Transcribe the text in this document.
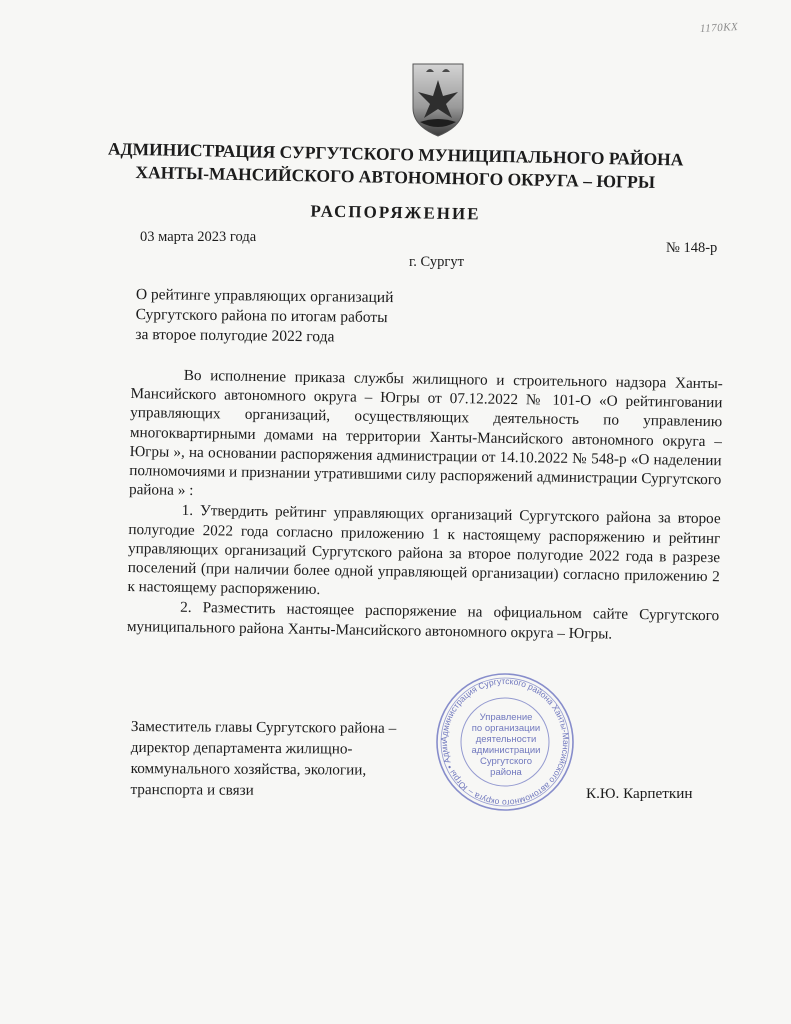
1170КХ
АДМИНИСТРАЦИЯ СУРГУТСКОГО МУНИЦИПАЛЬНОГО РАЙОНА
ХАНТЫ-МАНСИЙСКОГО АВТОНОМНОГО ОКРУГА – ЮГРЫ
РАСПОРЯЖЕНИЕ
03 марта 2023 года
№ 148-р
г. Сургут
О рейтинге управляющих организаций
Сургутского района по итогам работы
за второе полугодие 2022 года

Во исполнение приказа службы жилищного и строительного надзора Ханты-Мансийского автономного округа – Югры от 07.12.2022 № 101-О «О рейтинговании управляющих организаций, осуществляющих деятельность по управлению многоквартирными домами на территории Ханты-Мансийского автономного округа – Югры », на основании распоряжения администрации от 14.10.2022 № 548-р «О наделении полномочиями и признании утратившими силу распоряжений администрации Сургутского района » :

1. Утвердить рейтинг управляющих организаций Сургутского района за второе полугодие 2022 года согласно приложению 1 к настоящему распоряжению и рейтинг управляющих организаций Сургутского района за второе полугодие 2022 года в разрезе поселений (при наличии более одной управляющей организации) согласно приложению 2 к настоящему распоряжению.

2. Разместить настоящее распоряжение на официальном сайте Сургутского муниципального района Ханты-Мансийского автономного округа – Югры.

Заместитель главы Сургутского района –
директор департамента жилищно-
коммунального хозяйства, экологии,
транспорта и связи	К.Ю. Карпеткин
Администрация Сургутского района Ханты-Мансийского автономного округа – Югры • Адми
Управление
по организации
деятельности
администрации
Сургутского
района
